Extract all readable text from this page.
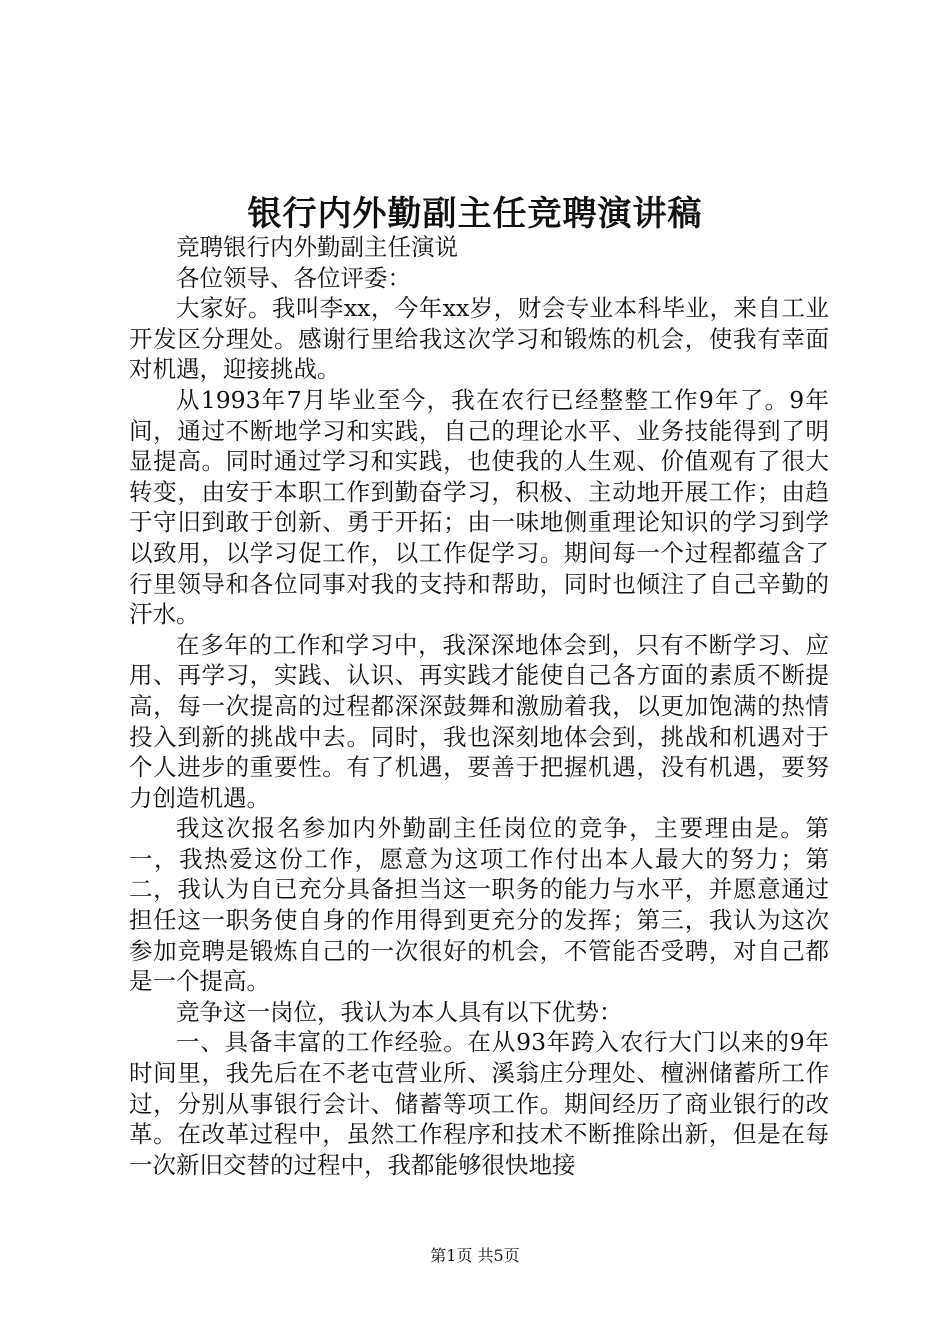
银行内外勤副主任竞聘演讲稿

竞聘银行内外勤副主任演说

各位领导、各位评委：

大家好。我叫李xx，今年xx岁，财会专业本科毕业，来自工业开发区分理处。感谢行里给我这次学习和锻炼的机会，使我有幸面对机遇，迎接挑战。

从1993年7月毕业至今，我在农行已经整整工作9年了。9年间，通过不断地学习和实践，自己的理论水平、业务技能得到了明显提高。同时通过学习和实践，也使我的人生观、价值观有了很大转变，由安于本职工作到勤奋学习，积极、主动地开展工作；由趋于守旧到敢于创新、勇于开拓；由一味地侧重理论知识的学习到学以致用，以学习促工作，以工作促学习。期间每一个过程都蕴含了行里领导和各位同事对我的支持和帮助，同时也倾注了自己辛勤的汗水。

在多年的工作和学习中，我深深地体会到，只有不断学习、应用、再学习，实践、认识、再实践才能使自己各方面的素质不断提高，每一次提高的过程都深深鼓舞和激励着我，以更加饱满的热情投入到新的挑战中去。同时，我也深刻地体会到，挑战和机遇对于个人进步的重要性。有了机遇，要善于把握机遇，没有机遇，要努力创造机遇。

我这次报名参加内外勤副主任岗位的竞争，主要理由是。第一，我热爱这份工作，愿意为这项工作付出本人最大的努力；第二，我认为自已充分具备担当这一职务的能力与水平，并愿意通过担任这一职务使自身的作用得到更充分的发挥；第三，我认为这次参加竞聘是锻炼自己的一次很好的机会，不管能否受聘，对自己都是一个提高。

竞争这一岗位，我认为本人具有以下优势：

一、具备丰富的工作经验。在从93年跨入农行大门以来的9年时间里，我先后在不老屯营业所、溪翁庄分理处、檀洲储蓄所工作过，分别从事银行会计、储蓄等项工作。期间经历了商业银行的改革。在改革过程中，虽然工作程序和技术不断推除出新，但是在每一次新旧交替的过程中，我都能够很快地接

第1页 共5页
